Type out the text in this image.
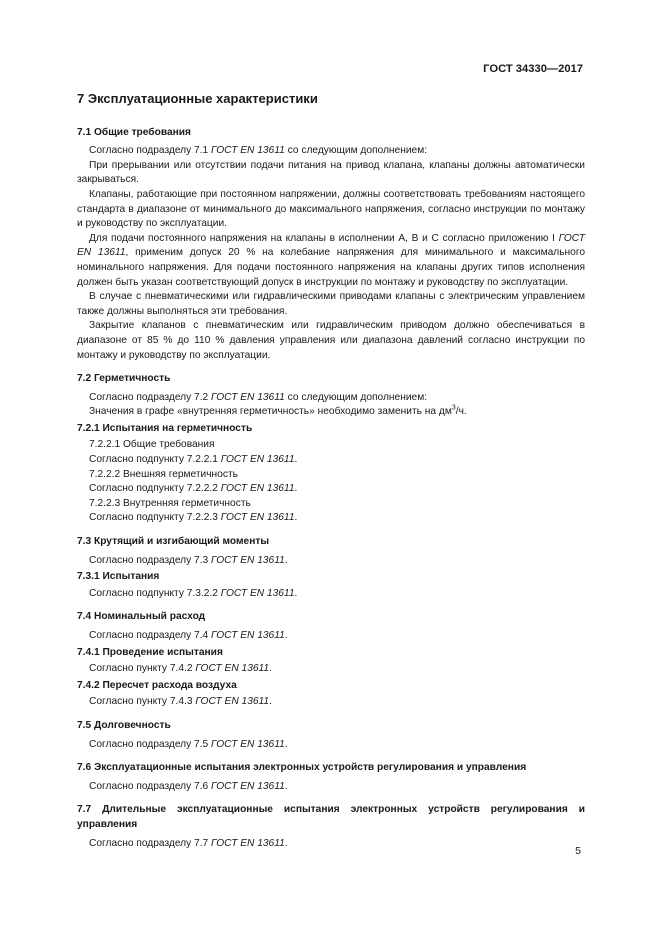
ГОСТ 34330—2017
7 Эксплуатационные характеристики
7.1 Общие требования

Согласно подразделу 7.1 ГОСТ EN 13611 со следующим дополнением:

При прерывании или отсутствии подачи питания на привод клапана, клапаны должны автоматически закрываться.

Клапаны, работающие при постоянном напряжении, должны соответствовать требованиям настоящего стандарта в диапазоне от минимального до максимального напряжения, согласно инструкции по монтажу и руководству по эксплуатации.

Для подачи постоянного напряжения на клапаны в исполнении А, В и С согласно приложению I ГОСТ EN 13611, применим допуск 20 % на колебание напряжения для минимального и максимального номинального напряжения. Для подачи постоянного напряжения на клапаны других типов исполнения должен быть указан соответствующий допуск в инструкции по монтажу и руководству по эксплуатации.

В случае с пневматическими или гидравлическими приводами клапаны с электрическим управлением также должны выполняться эти требования.

Закрытие клапанов с пневматическим или гидравлическим приводом должно обеспечиваться в диапазоне от 85 % до 110 % давления управления или диапазона давлений согласно инструкции по монтажу и руководству по эксплуатации.

7.2 Герметичность

Согласно подразделу 7.2 ГОСТ EN 13611 со следующим дополнением:

Значения в графе «внутренняя герметичность» необходимо заменить на $дм^3/ч$.

7.2.1 Испытания на герметичность

7.2.2.1 Общие требования

Согласно подпункту 7.2.2.1 ГОСТ EN 13611.

7.2.2.2 Внешняя герметичность

Согласно подпункту 7.2.2.2 ГОСТ EN 13611.

7.2.2.3 Внутренняя герметичность

Согласно подпункту 7.2.2.3 ГОСТ EN 13611.

7.3 Крутящий и изгибающий моменты

Согласно подразделу 7.3 ГОСТ EN 13611.

7.3.1 Испытания

Согласно подпункту 7.3.2.2 ГОСТ EN 13611.

7.4 Номинальный расход

Согласно подразделу 7.4 ГОСТ EN 13611.

7.4.1 Проведение испытания

Согласно пункту 7.4.2 ГОСТ EN 13611.

7.4.2 Пересчет расхода воздуха

Согласно пункту 7.4.3 ГОСТ EN 13611.

7.5 Долговечность

Согласно подразделу 7.5 ГОСТ EN 13611.

7.6 Эксплуатационные испытания электронных устройств регулирования и управления

Согласно подразделу 7.6 ГОСТ EN 13611.

7.7 Длительные эксплуатационные испытания электронных устройств регулирования и управления

Согласно подразделу 7.7 ГОСТ EN 13611.

5
